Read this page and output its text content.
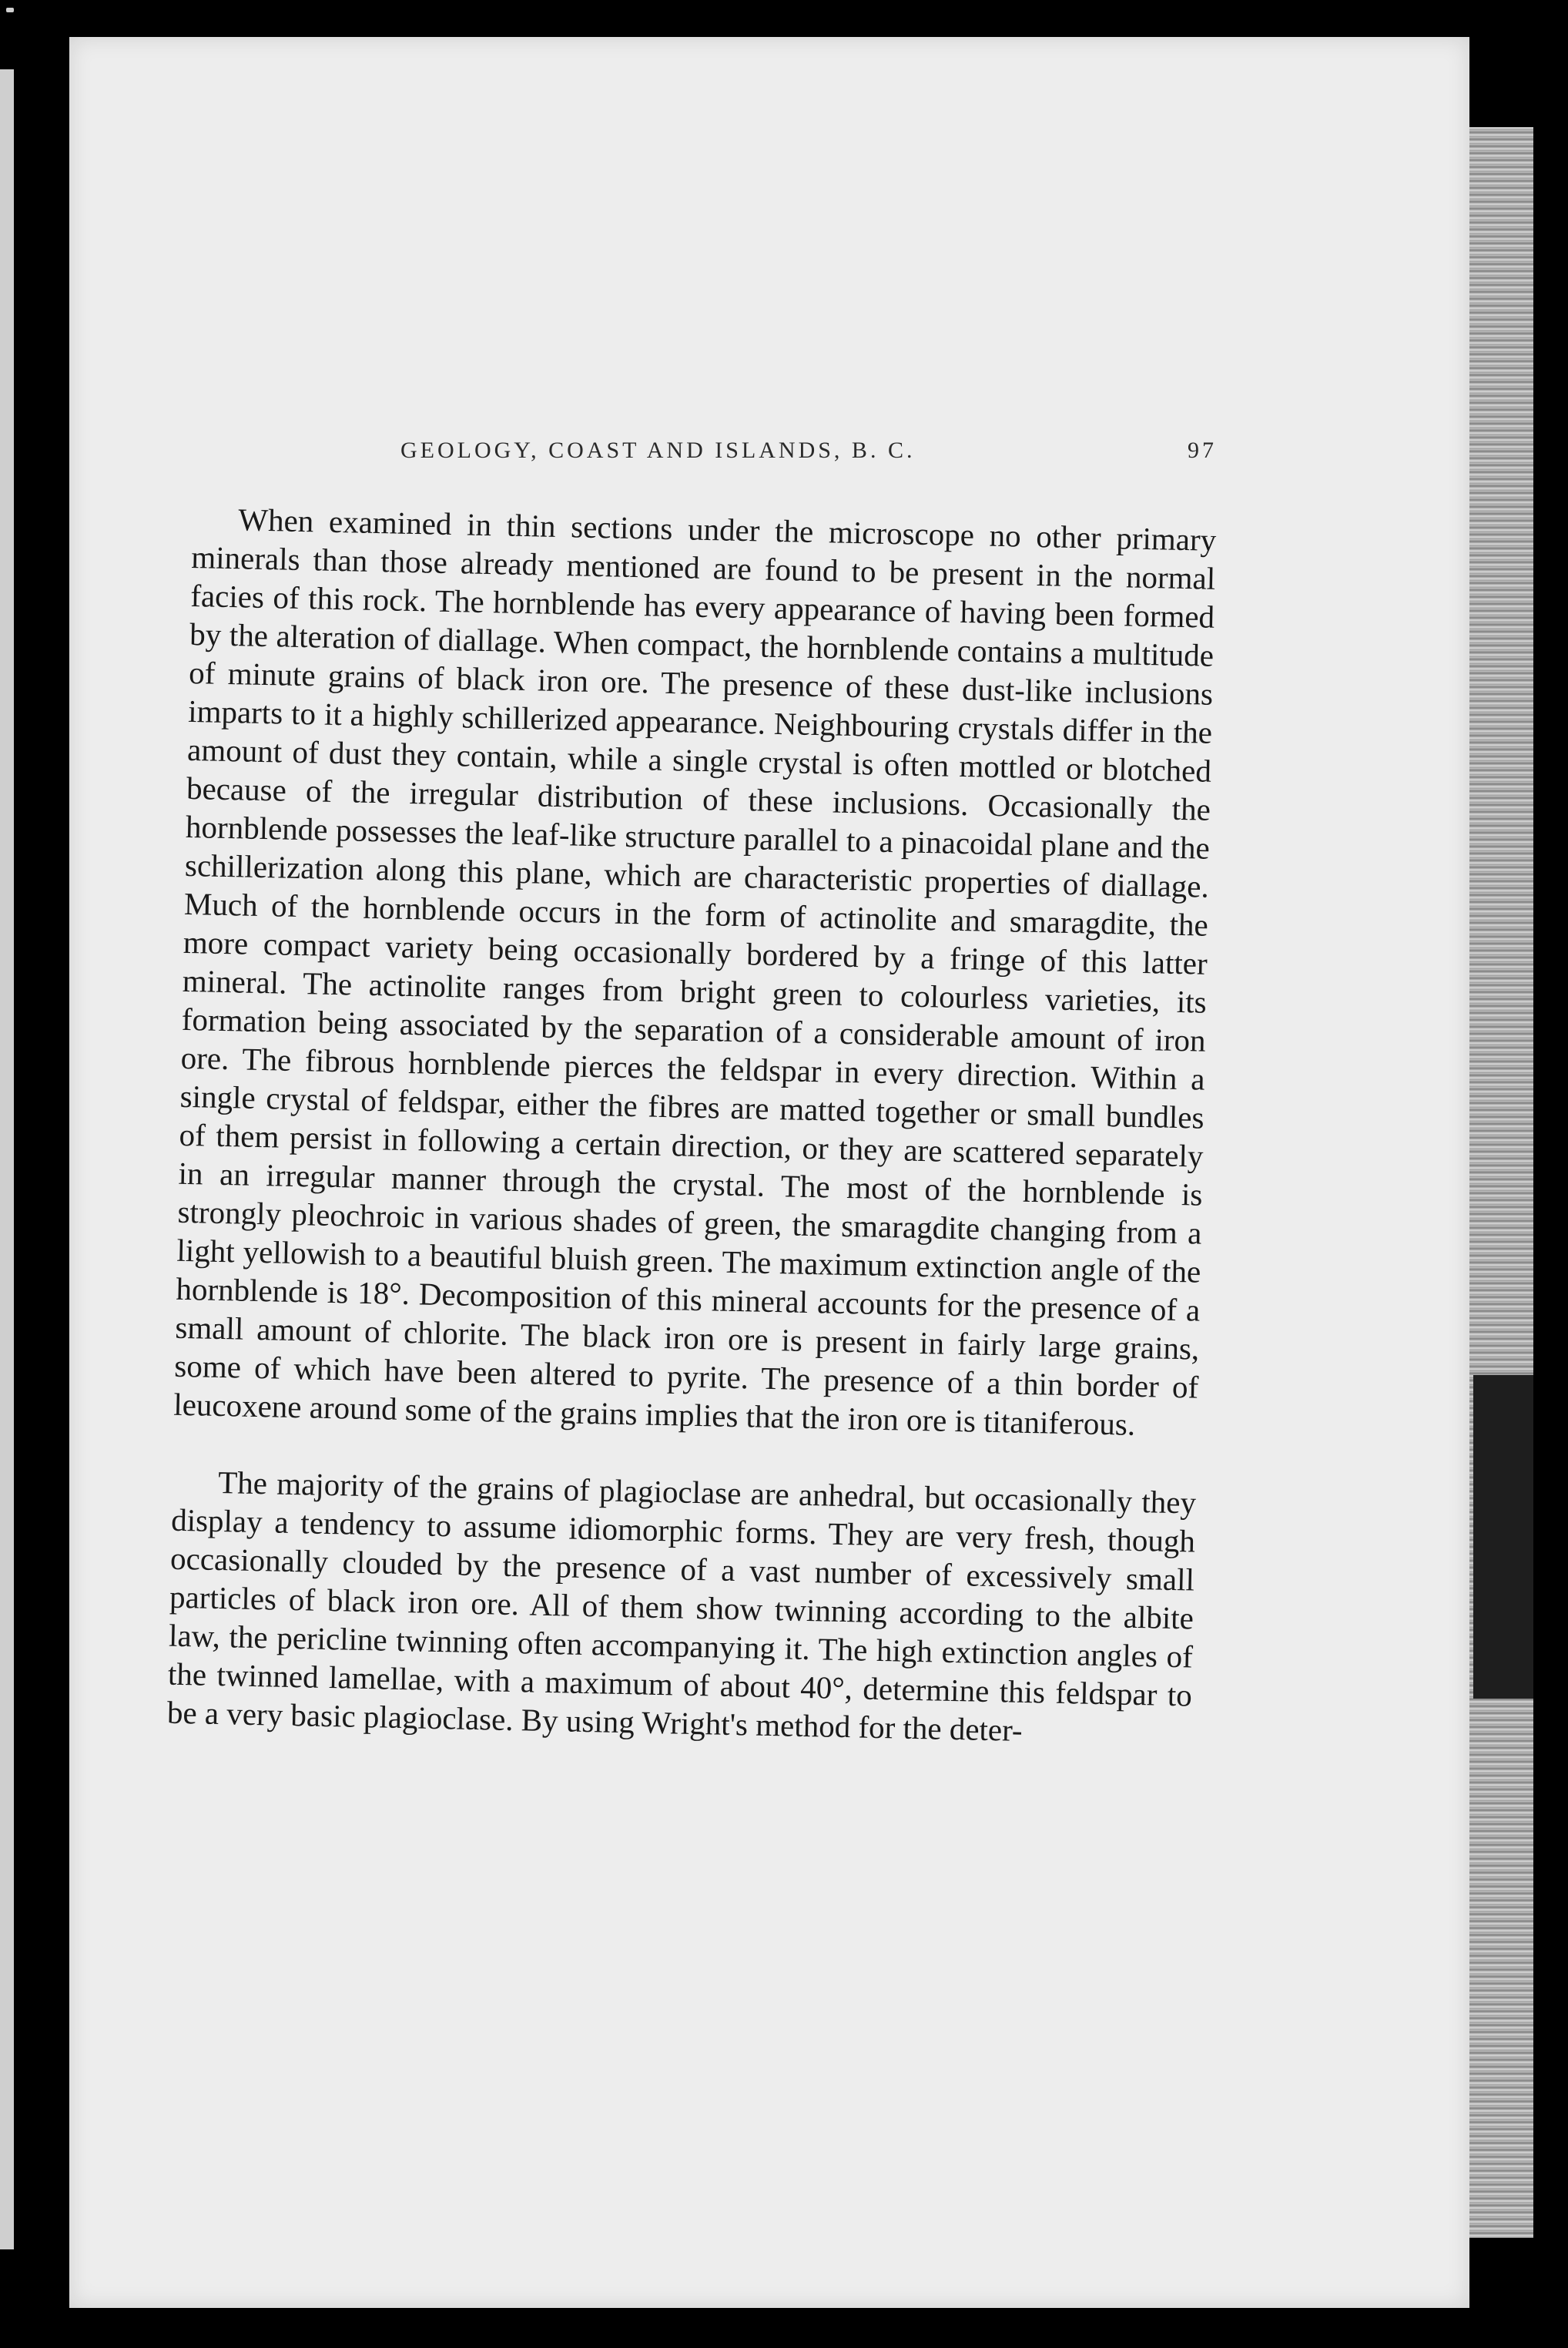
GEOLOGY, COAST AND ISLANDS, B. C.	97

When examined in thin sections under the microscope no other primary minerals than those already mentioned are found to be present in the normal facies of this rock. The hornblende has every appearance of having been formed by the alteration of diallage. When compact, the hornblende contains a multitude of minute grains of black iron ore. The presence of these dust-like inclusions imparts to it a highly schillerized appearance. Neighbouring crystals differ in the amount of dust they contain, while a single crystal is often mottled or blotched because of the irregular distribution of these inclusions. Occasionally the hornblende possesses the leaf-like structure parallel to a pinacoidal plane and the schillerization along this plane, which are characteristic properties of diallage. Much of the hornblende occurs in the form of actinolite and smaragdite, the more compact variety being occasionally bordered by a fringe of this latter mineral. The actinolite ranges from bright green to colourless varieties, its formation being associated by the separation of a considerable amount of iron ore. The fibrous hornblende pierces the feldspar in every direction. Within a single crystal of feldspar, either the fibres are matted together or small bundles of them persist in following a certain direction, or they are scattered separately in an irregular manner through the crystal. The most of the hornblende is strongly pleochroic in various shades of green, the smaragdite changing from a light yellowish to a beautiful bluish green. The maximum extinction angle of the hornblende is 18°. Decomposition of this mineral accounts for the presence of a small amount of chlorite. The black iron ore is present in fairly large grains, some of which have been altered to pyrite. The presence of a thin border of leucoxene around some of the grains implies that the iron ore is titaniferous.

The majority of the grains of plagioclase are anhedral, but occasionally they display a tendency to assume idiomorphic forms. They are very fresh, though occasionally clouded by the presence of a vast number of excessively small particles of black iron ore. All of them show twinning according to the albite law, the pericline twinning often accompanying it. The high extinction angles of the twinned lamellae, with a maximum of about 40°, determine this feldspar to be a very basic plagioclase. By using Wright's method for the deter-
